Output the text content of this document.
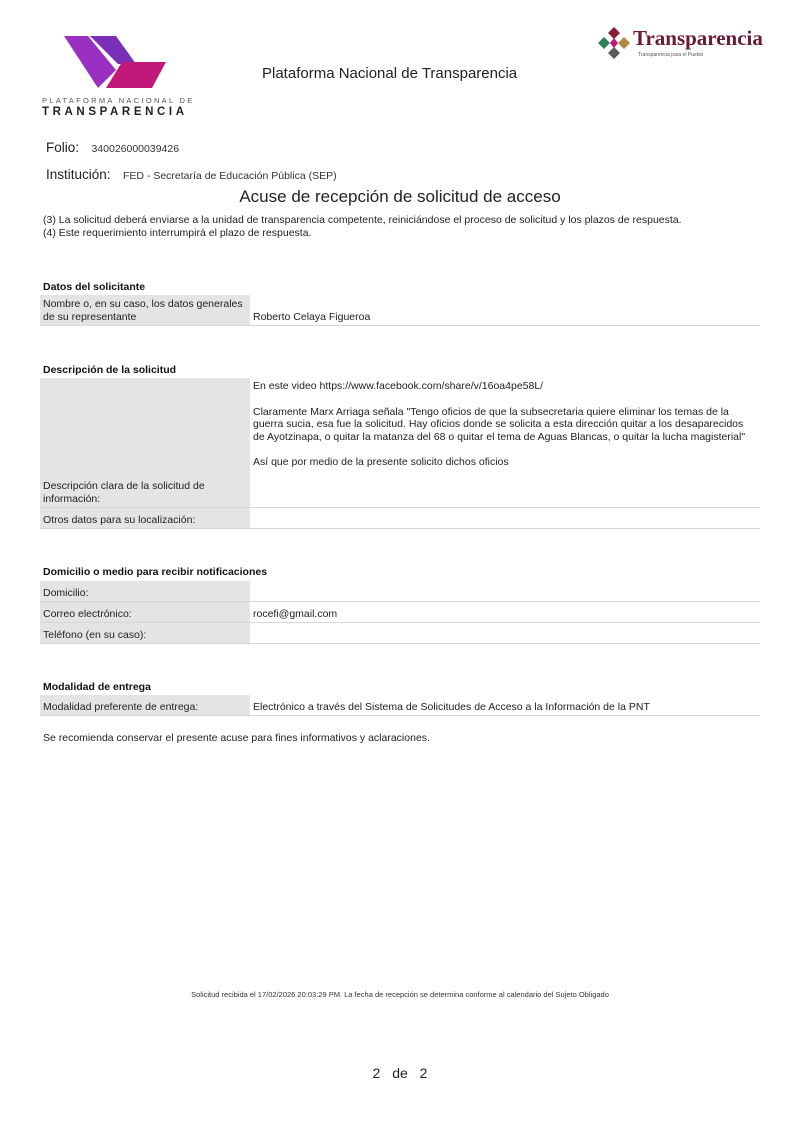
PLATAFORMA NACIONAL DE
TRANSPARENCIA
Plataforma Nacional de Transparencia
Transparencia
Transparencia para el Pueblo
Folio: 340026000039426
Institución: FED - Secretaría de Educación Pública (SEP)
Acuse de recepción de solicitud de acceso
(3) La solicitud deberá enviarse a la unidad de transparencia competente, reiniciándose el proceso de solicitud y los plazos de respuesta.
(4) Este requerimiento interrumpirá el plazo de respuesta.
Datos del solicitante
Nombre o, en su caso, los datos generales de su representante	Roberto Celaya Figueroa
Descripción de la solicitud
Descripción clara de la solicitud de información:

En este video https://www.facebook.com/share/v/16oa4pe58L/

Claramente Marx Arriaga señala "Tengo oficios de que la subsecretaria quiere eliminar los temas de la guerra sucia, esa fue la solicitud. Hay oficios donde se solicita a esta dirección quitar a los desaparecidos de Ayotzinapa, o quitar la matanza del 68 o quitar el tema de Aguas Blancas, o quitar la lucha magisterial"

Así que por medio de la presente solicito dichos oficios

Otros datos para su localización:
Domicilio o medio para recibir notificaciones
Domicilio:
Correo electrónico:	rocefi@gmail.com
Teléfono (en su caso):
Modalidad de entrega
Modalidad preferente de entrega:	Electrónico a través del Sistema de Solicitudes de Acceso a la Información de la PNT
Se recomienda conservar el presente acuse para fines informativos y aclaraciones.
Solicitud recibida el 17/02/2026 20:03:29 PM. La fecha de recepción se determina conforme al calendario del Sujeto Obligado
2 de 2
